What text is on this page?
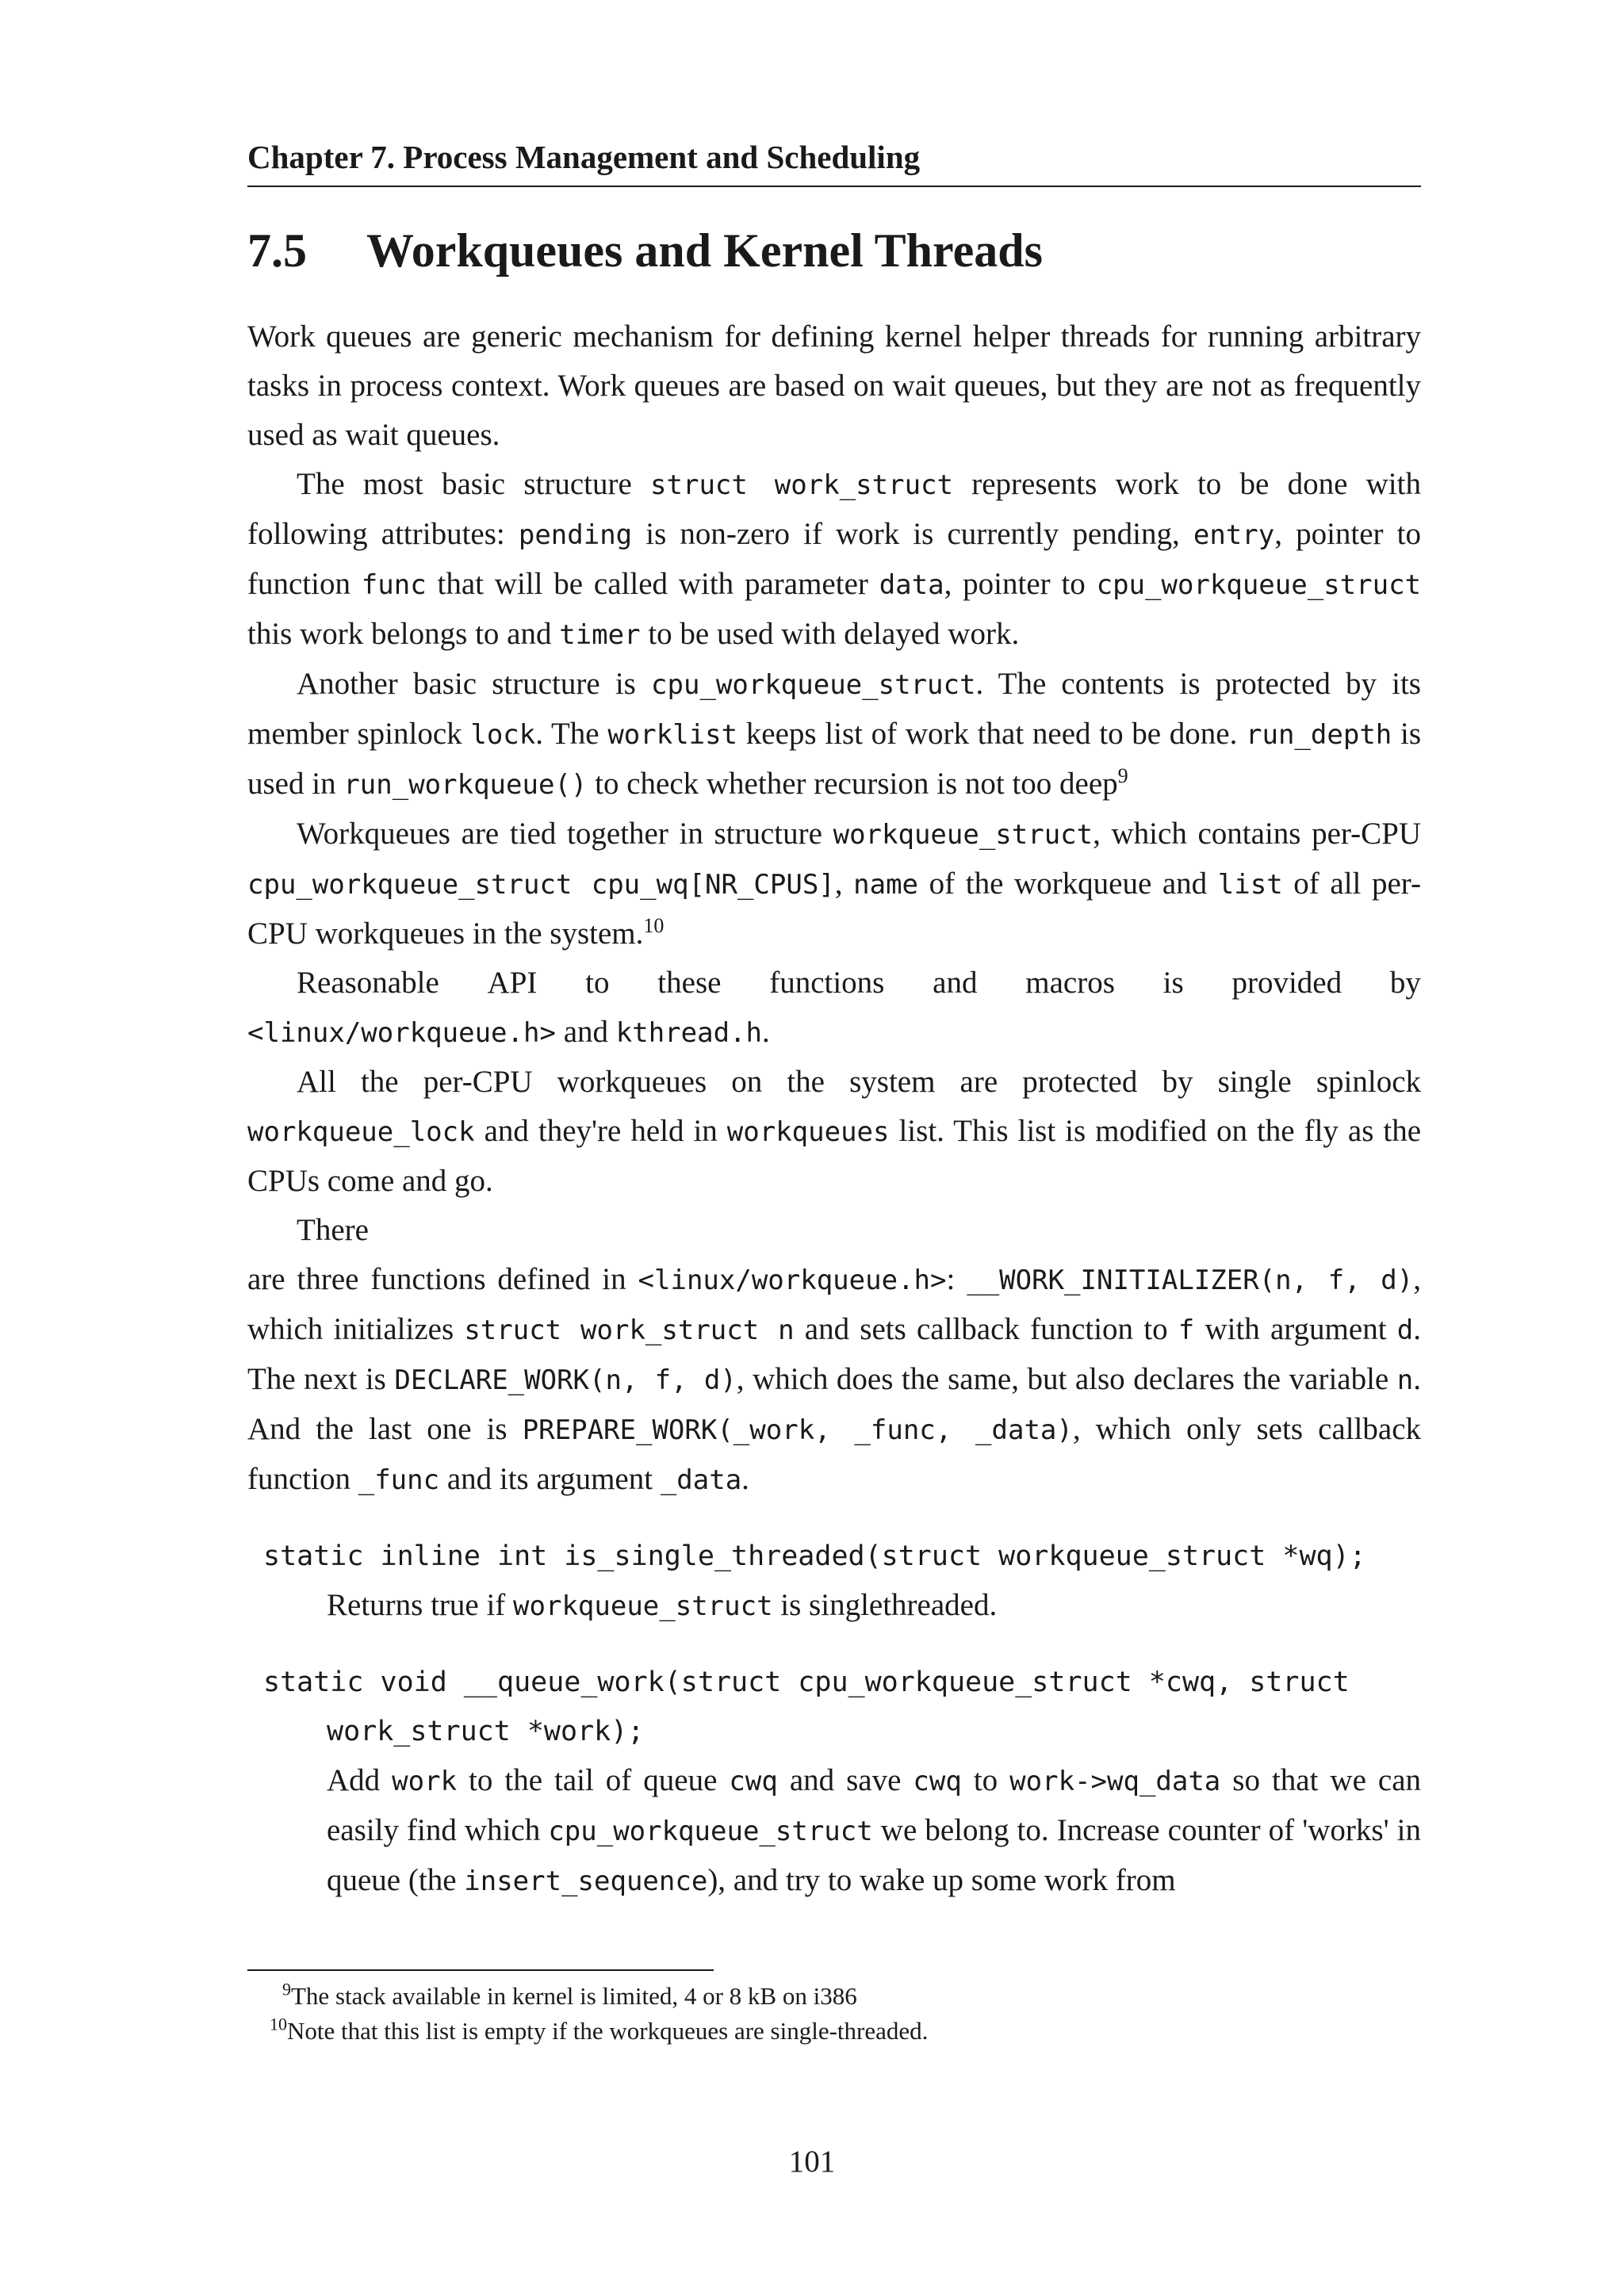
Chapter 7. Process Management and Scheduling
7.5 Workqueues and Kernel Threads

Work queues are generic mechanism for defining kernel helper threads for running arbitrary tasks in process context. Work queues are based on wait queues, but they are not as frequently used as wait queues.

The most basic structure struct work_struct represents work to be done with following attributes: pending is non-zero if work is currently pending, entry, pointer to function func that will be called with parameter data, pointer to cpu_workqueue_struct this work belongs to and timer to be used with delayed work.

Another basic structure is cpu_workqueue_struct. The contents is protected by its member spinlock lock. The worklist keeps list of work that need to be done. run_depth is used in run_workqueue() to check whether recursion is not too deep$^9$

Workqueues are tied together in structure workqueue_struct, which contains per-CPU cpu_workqueue_struct cpu_wq[NR_CPUS], name of the workqueue and list of all per-CPU workqueues in the system.$^{10}$

Reasonable API to these functions and macros is provided by

<linux/workqueue.h> and kthread.h.

All the per-CPU workqueues on the system are protected by single spinlock workqueue_lock and they're held in workqueues list. This list is modified on the fly as the CPUs come and go.

There

are three functions defined in <linux/workqueue.h>: __WORK_INITIALIZER(n, f, d), which initializes struct work_struct n and sets callback function to f with argument d. The next is DECLARE_WORK(n, f, d), which does the same, but also declares the variable n. And the last one is PREPARE_WORK(_work, _func, _data), which only sets callback function _func and its argument _data.

static inline int is_single_threaded(struct workqueue_struct *wq);

Returns true if workqueue_struct is singlethreaded.

static void __queue_work(struct cpu_workqueue_struct *cwq, struct
work_struct *work);

Add work to the tail of queue cwq and save cwq to work->wq_data so that we can easily find which cpu_workqueue_struct we belong to. Increase counter of 'works' in queue (the insert_sequence), and try to wake up some work from

$^9$The stack available in kernel is limited, 4 or 8 kB on i386
$^{10}$Note that this list is empty if the workqueues are single-threaded.
101
